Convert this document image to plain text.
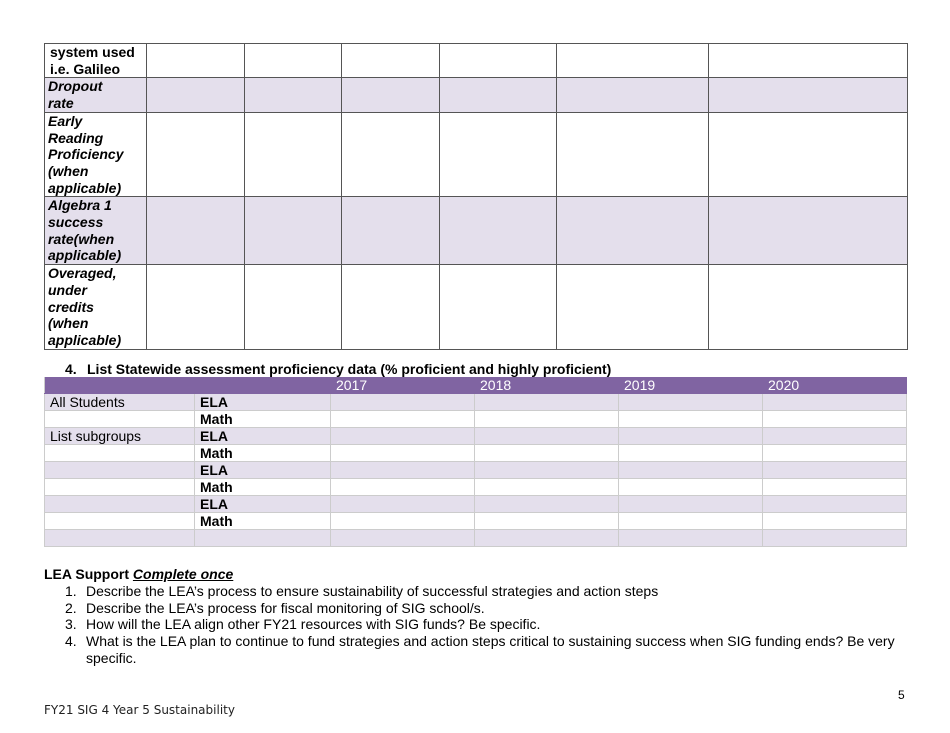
system used
i.e. Galileo						

Dropout
rate						

Early
Reading
Proficiency
(when
applicable)						

Algebra 1
success
rate(when
applicable)						

Overaged,
under
credits
(when
applicable)						

4. List Statewide assessment proficiency data (% proficient and highly proficient)
		2017	2018	2019	2020
All Students	ELA				
	Math				
List subgroups	ELA				
	Math				
	ELA				
	Math				
	ELA				
	Math				

LEA Support Complete once
1. Describe the LEA’s process to ensure sustainability of successful strategies and action steps
2. Describe the LEA’s process for fiscal monitoring of SIG school/s.
3. How will the LEA align other FY21 resources with SIG funds? Be specific.
4. What is the LEA plan to continue to fund strategies and action steps critical to sustaining success when SIG funding ends? Be very specific.
5
FY21 SIG 4 Year 5 Sustainability
